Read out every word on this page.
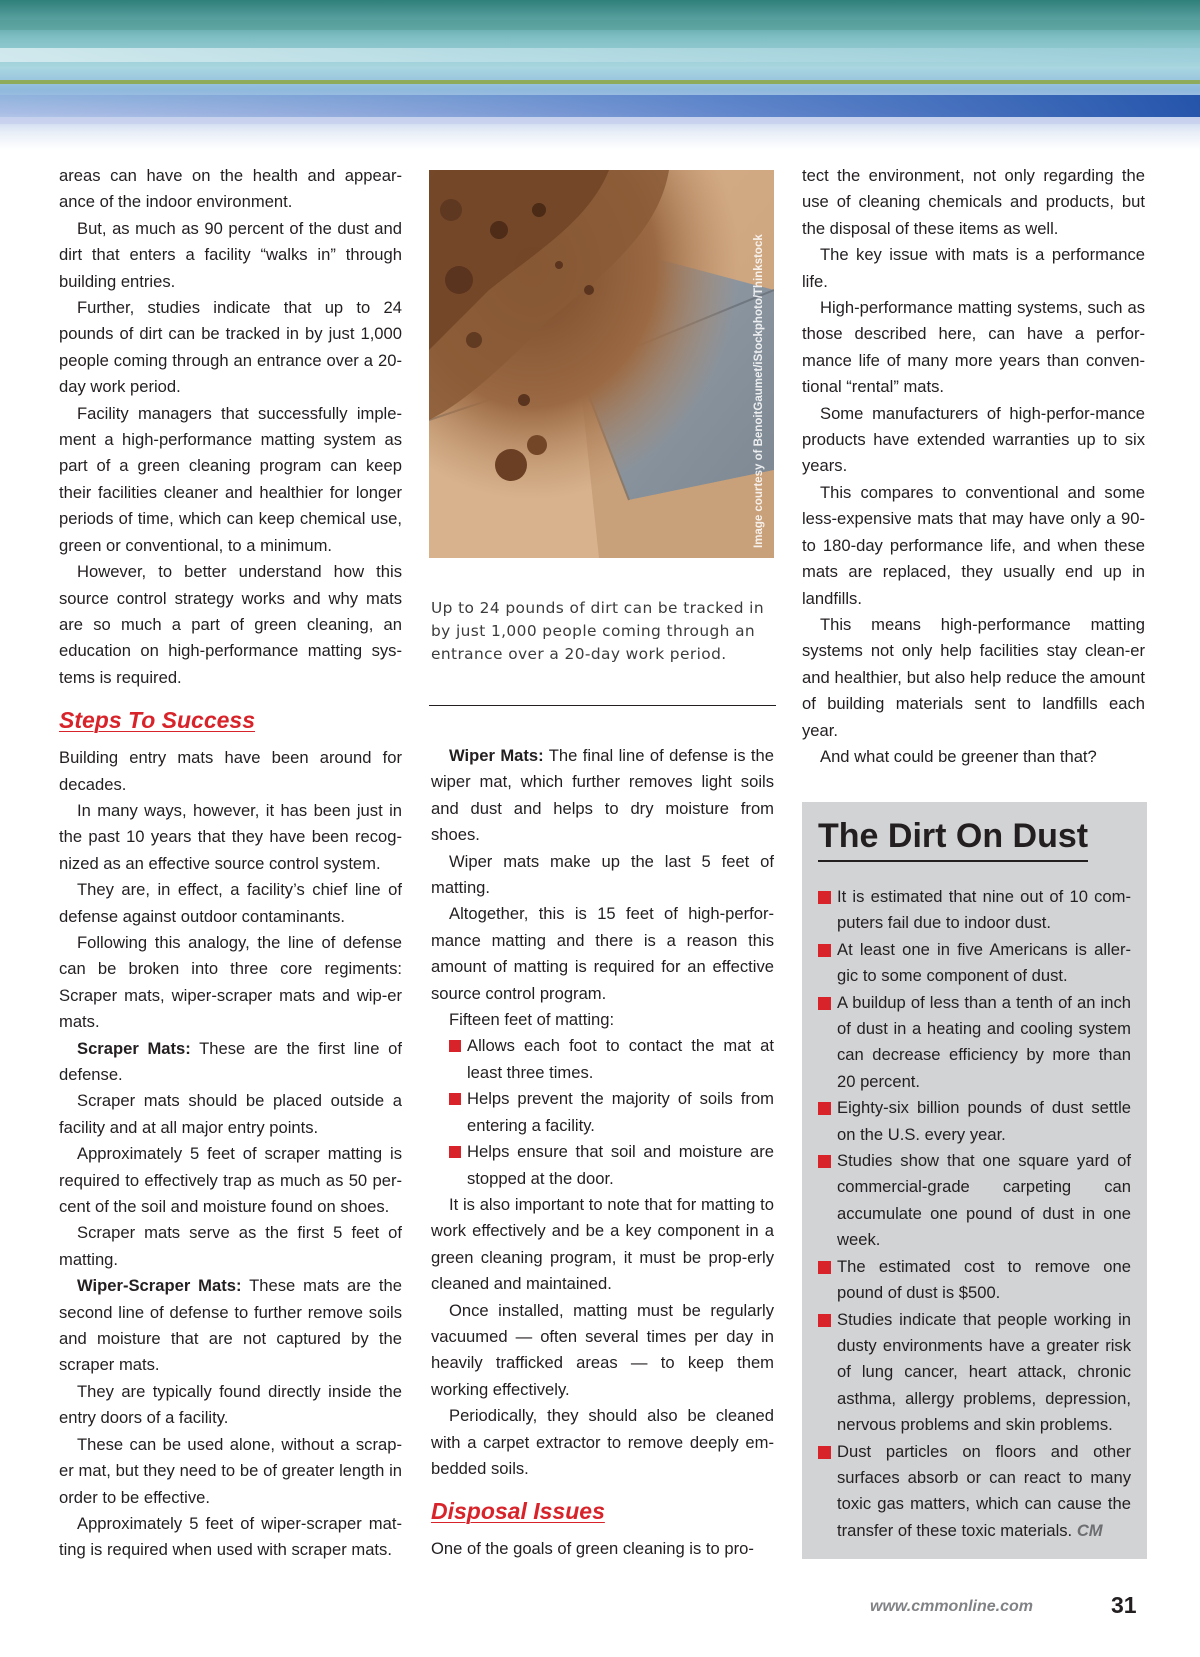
areas can have on the health and appear-ance of the indoor environment.

But, as much as 90 percent of the dust and dirt that enters a facility “walks in” through building entries.

Further, studies indicate that up to 24 pounds of dirt can be tracked in by just 1,000 people coming through an entrance over a 20-day work period.

Facility managers that successfully imple-ment a high-performance matting system as part of a green cleaning program can keep their facilities cleaner and healthier for longer periods of time, which can keep chemical use, green or conventional, to a minimum.

However, to better understand how this source control strategy works and why mats are so much a part of green cleaning, an education on high-performance matting sys-tems is required.

Steps To Success

Building entry mats have been around for decades.

In many ways, however, it has been just in the past 10 years that they have been recog-nized as an effective source control system.

They are, in effect, a facility’s chief line of defense against outdoor contaminants.

Following this analogy, the line of defense can be broken into three core regiments: Scraper mats, wiper-scraper mats and wip-er mats.

Scraper Mats: These are the first line of defense.

Scraper mats should be placed outside a facility and at all major entry points.

Approximately 5 feet of scraper matting is required to effectively trap as much as 50 per-cent of the soil and moisture found on shoes.

Scraper mats serve as the first 5 feet of matting.

Wiper-Scraper Mats: These mats are the second line of defense to further remove soils and moisture that are not captured by the scraper mats.

They are typically found directly inside the entry doors of a facility.

These can be used alone, without a scrap-er mat, but they need to be of greater length in order to be effective.

Approximately 5 feet of wiper-scraper mat-ting is required when used with scraper mats.

Image courtesy of BenoitGaumet/iStockphoto/Thinkstock
Up to 24 pounds of dirt can be tracked in by just 1,000 people coming through an entrance over a 20-day work period.

Wiper Mats: The final line of defense is the wiper mat, which further removes light soils and dust and helps to dry moisture from shoes.

Wiper mats make up the last 5 feet of matting.

Altogether, this is 15 feet of high-perfor-mance matting and there is a reason this amount of matting is required for an effective source control program.

Fifteen feet of matting:

Allows each foot to contact the mat at least three times.
Helps prevent the majority of soils from entering a facility.
Helps ensure that soil and moisture are stopped at the door.

It is also important to note that for matting to work effectively and be a key component in a green cleaning program, it must be prop-erly cleaned and maintained.

Once installed, matting must be regularly vacuumed — often several times per day in heavily trafficked areas — to keep them working effectively.

Periodically, they should also be cleaned with a carpet extractor to remove deeply em-bedded soils.

Disposal Issues

One of the goals of green cleaning is to pro-

tect the environment, not only regarding the use of cleaning chemicals and products, but the disposal of these items as well.

The key issue with mats is a performance life.

High-performance matting systems, such as those described here, can have a perfor-mance life of many more years than conven-tional “rental” mats.

Some manufacturers of high-perfor-mance products have extended warranties up to six years.

This compares to conventional and some less-expensive mats that may have only a 90- to 180-day performance life, and when these mats are replaced, they usually end up in landfills.

This means high-performance matting systems not only help facilities stay clean-er and healthier, but also help reduce the amount of building materials sent to landfills each year.

And what could be greener than that?

The Dirt On Dust
It is estimated that nine out of 10 com-puters fail due to indoor dust.
At least one in five Americans is aller-gic to some component of dust.
A buildup of less than a tenth of an inch of dust in a heating and cooling system can decrease efficiency by more than 20 percent.
Eighty-six billion pounds of dust settle on the U.S. every year.
Studies show that one square yard of commercial-grade carpeting can accumulate one pound of dust in one week.
The estimated cost to remove one pound of dust is $500.
Studies indicate that people working in dusty environments have a greater risk of lung cancer, heart attack, chronic asthma, allergy problems, depression, nervous problems and skin problems.
Dust particles on floors and other surfaces absorb or can react to many toxic gas matters, which can cause the transfer of these toxic materials. CM
www.cmmonline.com	31
